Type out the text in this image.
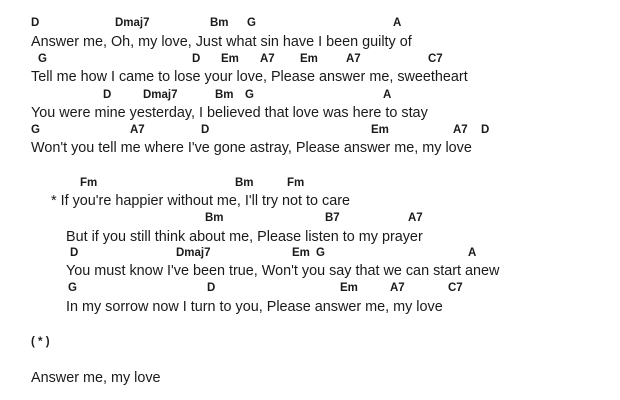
D

	Dmaj7

	Bm

G

	A

Answer me, Oh, my love, Just what sin have I been guilty of

G

	D

Em

A7

Em

A7

	C7

Tell me how I came to lose your love, Please answer me, sweetheart

D

	Dmaj7

	Bm

G

	A

You were mine yesterday, I believed that love was here to stay

G

	A7

	D

	Em

	A7

D

Won't you tell me where I've gone astray, Please answer me, my love

Fm

	Bm

	Fm

* If you're happier without me, I'll try not to care

Bm

	B7

	A7

But if you still think about me, Please listen to my prayer

D

	Dmaj7

	Em

G

	A

You must know I've been true, Won't you say that we can start anew

G

	D

	Em

	A7

	C7

In my sorrow now I turn to you, Please answer me, my love
( * )
Answer me, my love
